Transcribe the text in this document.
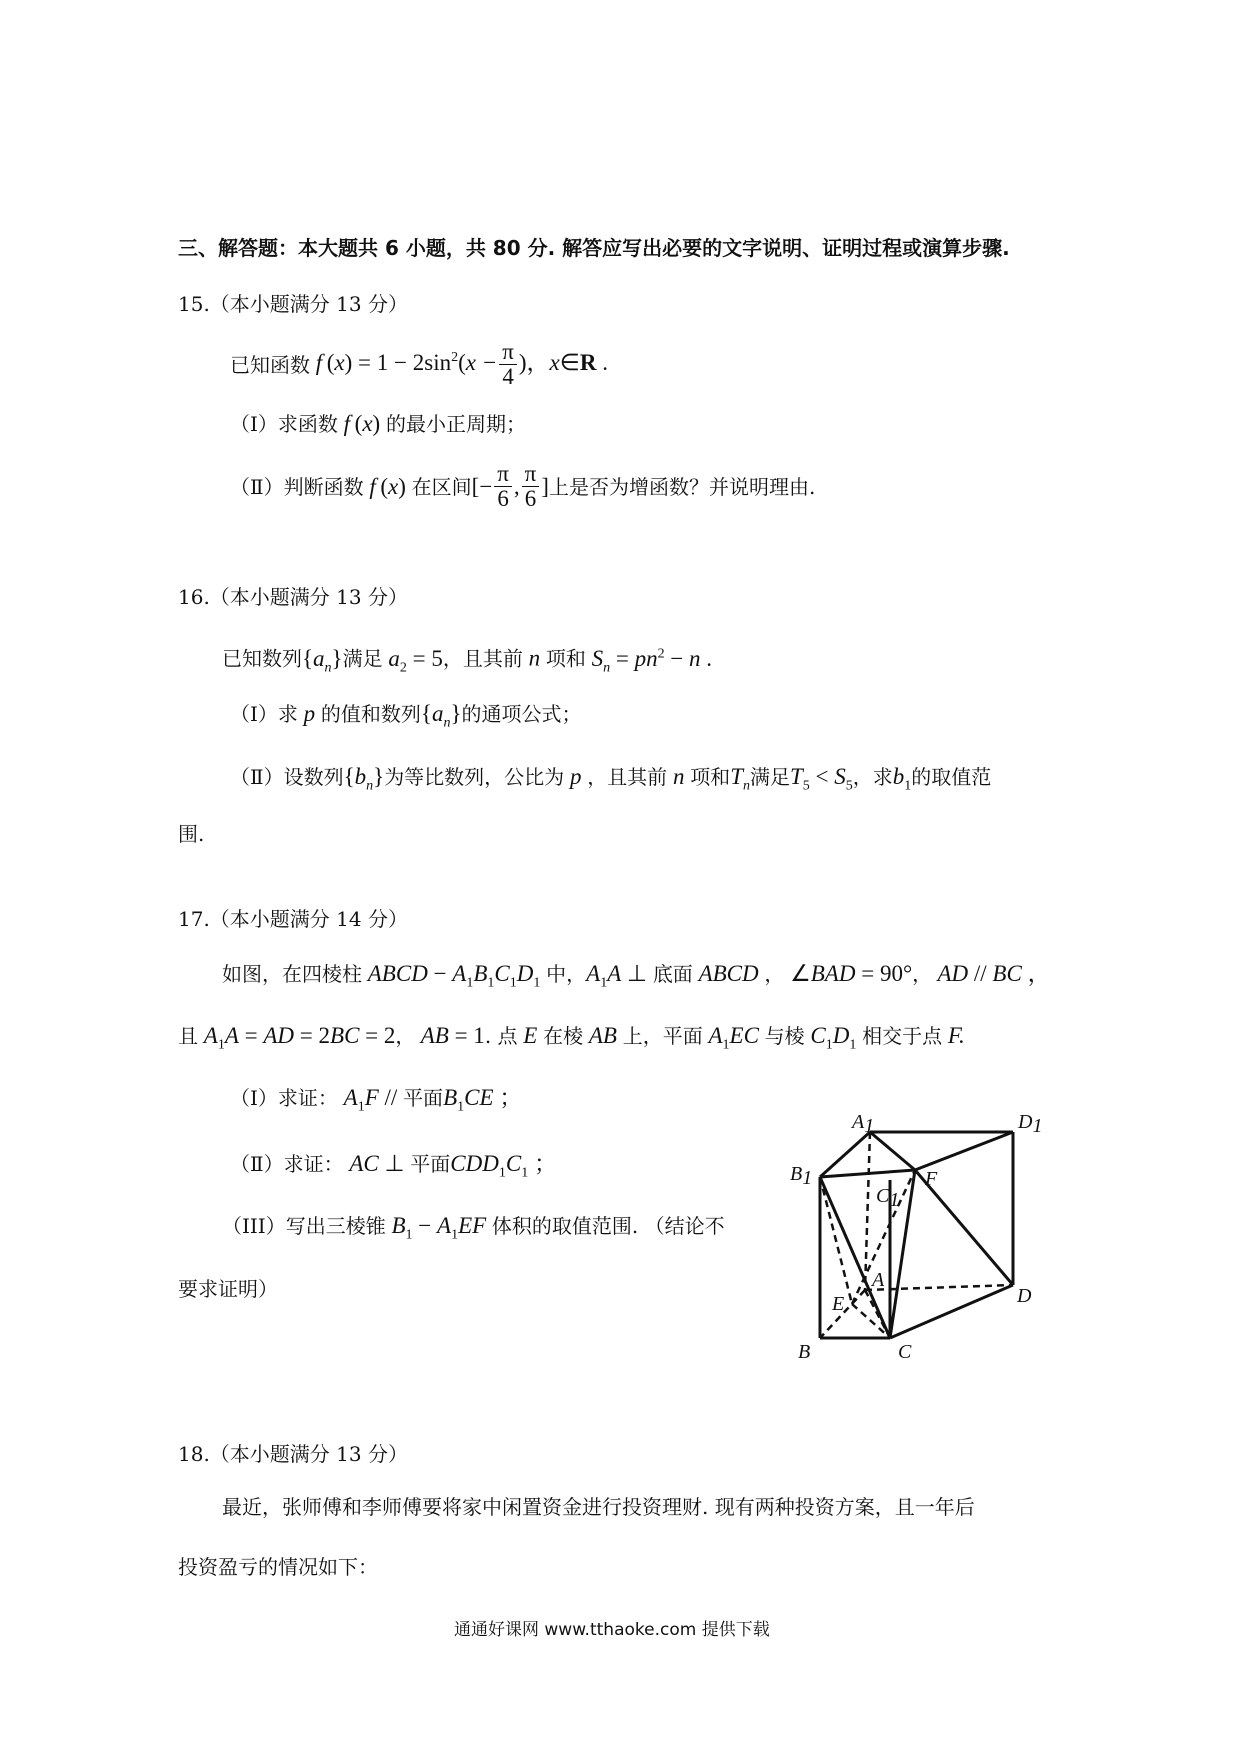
三、解答题：本大题共 6 小题，共 80 分. 解答应写出必要的文字说明、证明过程或演算步骤.
15.（本小题满分 13 分）
已知函数 f $(x) = 1 - 2\sin^2(x - \frac{\pi}{4}$ )，x∈R .
（Ⅰ）求函数 f (x) 的最小正周期；
（Ⅱ）判断函数 f (x) 在区间 [− $\frac{\pi}{6}$ , $\frac{\pi}{6}$ ] 上是否为增函数？并说明理由.
16.（本小题满分 13 分）
已知数列$\{a_n\}$满足 $a_2 = 5$，且其前 n 项和 $S_n = pn^2 - n$ .
（Ⅰ）求 p 的值和数列$\{a_n\}$的通项公式；
（Ⅱ）设数列$\{b_n\}$为等比数列，公比为 p ，且其前 n 项和$T_n$满足$T_5 < S_5$，求$b_1$的取值范
围.
17.（本小题满分 14 分）
如图，在四棱柱 ABCD − $A_1B_1C_1D_1$ 中，$A_1A$ ⊥ 底面 ABCD ， ∠BAD = 90°， AD // BC ，
且 $A_1A$ = AD = 2BC = 2， AB = 1. 点 E 在棱 AB 上，平面 $A_1EC$ 与棱 $C_1D_1$ 相交于点 F.
（Ⅰ）求证： $A_1F$ // 平面$B_1CE$ ；
（Ⅱ）求证： AC ⊥ 平面$CDD_1C_1$ ；
（III）写出三棱锥 $B_1 - A_1EF$ 体积的取值范围. （结论不
要求证明）
A1	D1
B1	F
C1
A
D
E
B	C
18.（本小题满分 13 分）
最近，张师傅和李师傅要将家中闲置资金进行投资理财. 现有两种投资方案，且一年后
投资盈亏的情况如下：
通通好课网 www.tthaoke.com 提供下载
